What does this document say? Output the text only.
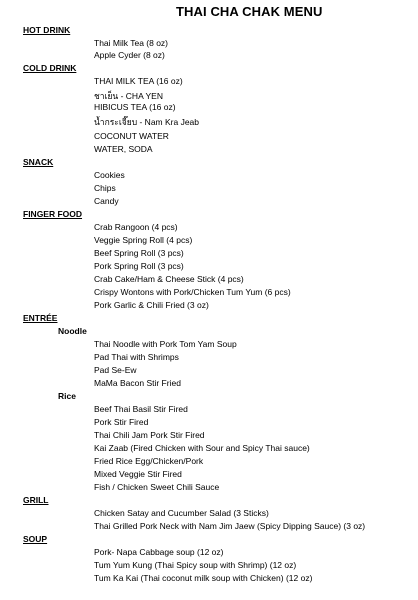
THAI CHA CHAK MENU
HOT DRINK
Thai Milk Tea (8 oz)
Apple Cyder (8 oz)
COLD DRINK
THAI MILK TEA (16 oz)
ชาเย็น - CHA YEN
HIBICUS TEA (16 oz)
น้ำกระเจี๊ยบ - Nam Kra Jeab
COCONUT WATER
WATER, SODA
SNACK
Cookies
Chips
Candy
FINGER FOOD
Crab Rangoon (4 pcs)
Veggie Spring Roll (4 pcs)
Beef Spring Roll (3 pcs)
Pork Spring Roll (3 pcs)
Crab Cake/Ham & Cheese Stick (4 pcs)
Crispy Wontons with Pork/Chicken Tum Yum (6 pcs)
Pork Garlic & Chili Fried (3 oz)
ENTRÉE
Noodle
Thai Noodle with Pork Tom Yam Soup
Pad Thai with Shrimps
Pad Se-Ew
MaMa Bacon Stir Fried
Rice
Beef Thai Basil Stir Fired
Pork Stir Fired
Thai Chili Jam Pork Stir Fired
Kai Zaab (Fired Chicken with Sour and Spicy Thai sauce)
Fried Rice Egg/Chicken/Pork
Mixed Veggie Stir Fired
Fish / Chicken Sweet Chili Sauce
GRILL
Chicken Satay and Cucumber Salad (3 Sticks)
Thai Grilled Pork Neck with Nam Jim Jaew (Spicy Dipping Sauce) (3 oz)
SOUP
Pork- Napa Cabbage soup (12 oz)
Tum Yum Kung (Thai Spicy soup with Shrimp) (12 oz)
Tum Ka Kai (Thai coconut milk soup with Chicken) (12 oz)
